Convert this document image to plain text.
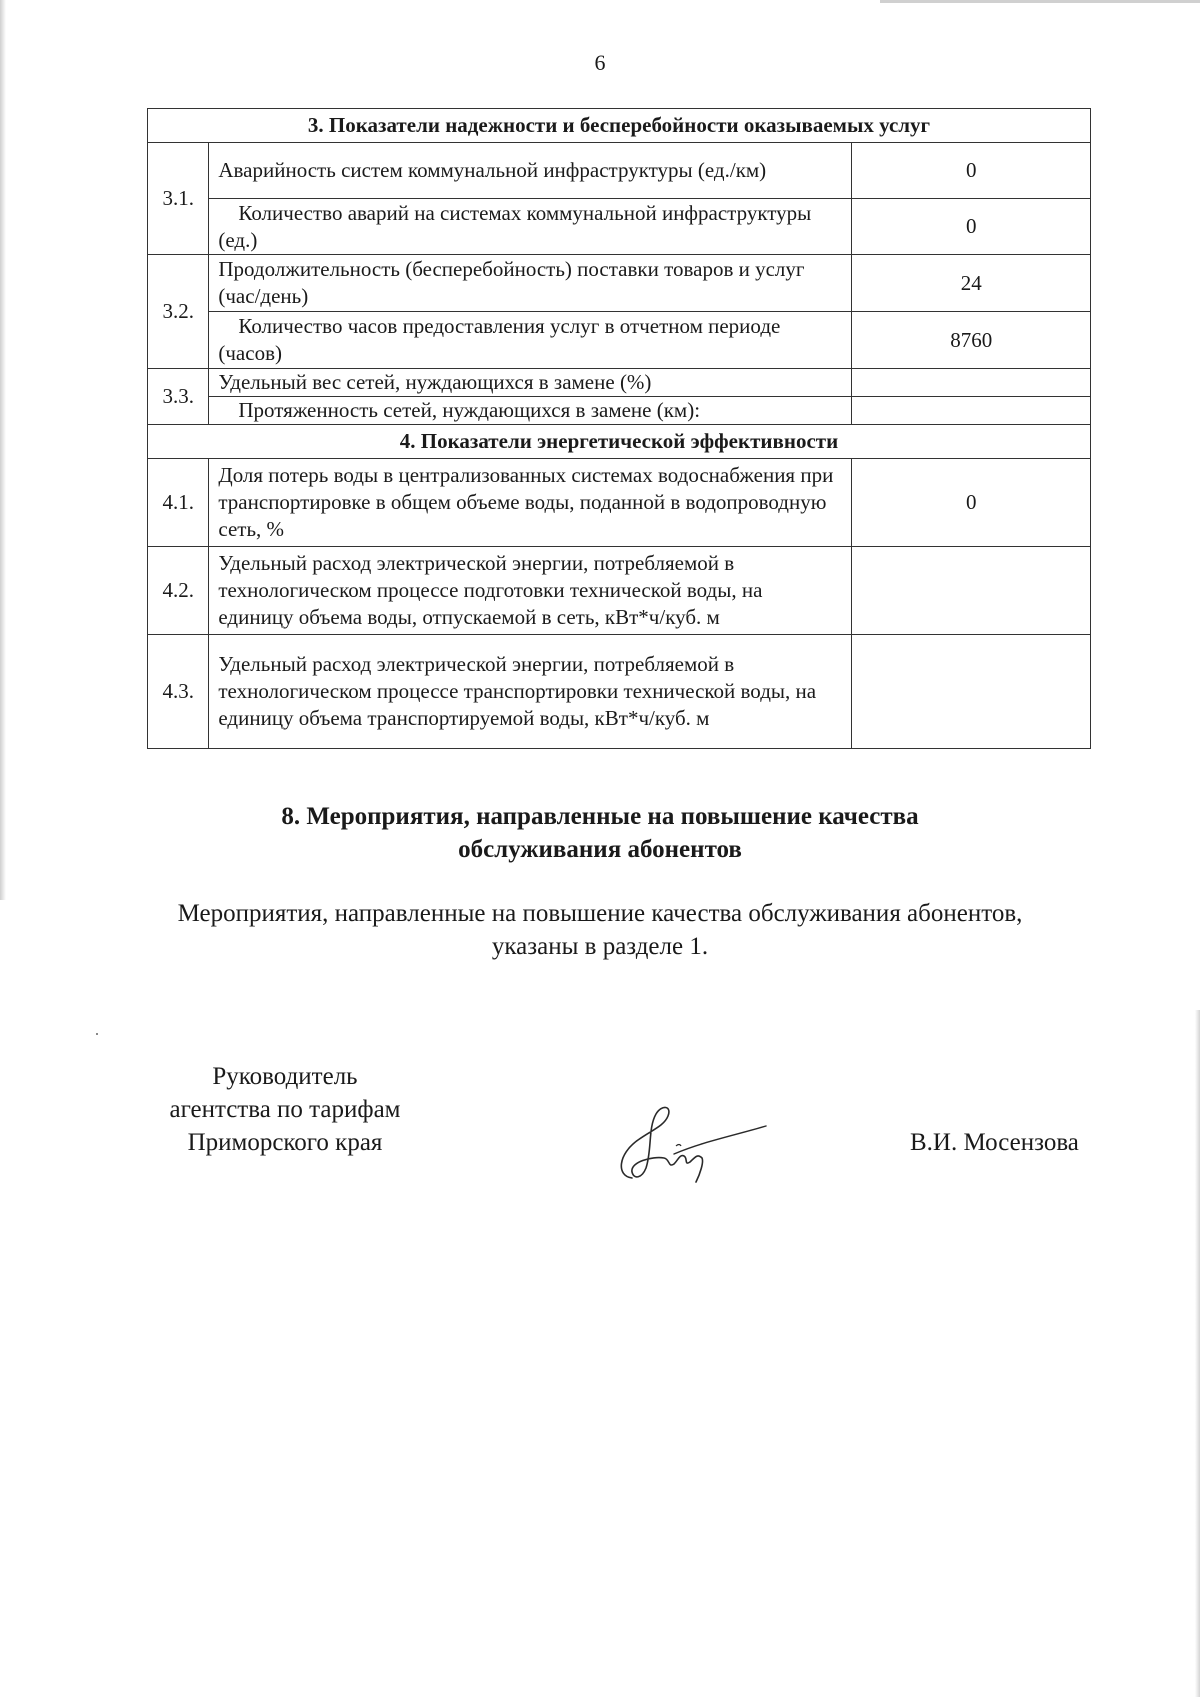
6
3. Показатели надежности и бесперебойности оказываемых услуг		
3.1.	Аварийность систем коммунальной инфраструктуры (ед./км)	0
	Количество аварий на системах коммунальной инфраструктуры (ед.)	0
3.2.	Продолжительность (бесперебойность) поставки товаров и услуг (час/день)	24
	Количество часов предоставления услуг в отчетном периоде (часов)	8760
3.3.	Удельный вес сетей, нуждающихся в замене (%)	
	Протяженность сетей, нуждающихся в замене (км):	
4. Показатели энергетической эффективности		
4.1.	Доля потерь воды в централизованных системах водоснабжения при транспортировке в общем объеме воды, поданной в водопроводную сеть, %	0
4.2.	Удельный расход электрической энергии, потребляемой в технологическом процессе подготовки технической воды, на единицу объема воды, отпускаемой в сеть, кВт*ч/куб. м	
4.3.	Удельный расход электрической энергии, потребляемой в технологическом процессе транспортировки технической воды, на единицу объема транспортируемой воды, кВт*ч/куб. м	
8. Мероприятия, направленные на повышение качества
обслуживания абонентов
Мероприятия, направленные на повышение качества обслуживания абонентов,
указаны в разделе 1.
Руководитель
агентства по тарифам
Приморского края	В.И. Мосензова
